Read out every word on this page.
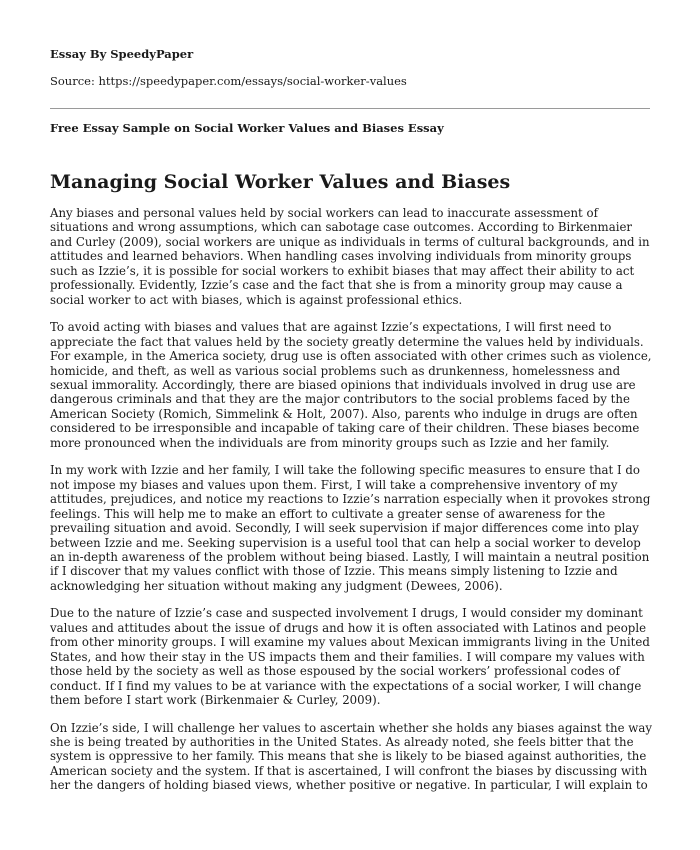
Essay By SpeedyPaper

Source: https://speedypaper.com/essays/social-worker-values

Free Essay Sample on Social Worker Values and Biases Essay

Managing Social Worker Values and Biases

Any biases and personal values held by social workers can lead to inaccurate assessment of situations and wrong assumptions, which can sabotage case outcomes. According to Birkenmaier and Curley (2009), social workers are unique as individuals in terms of cultural backgrounds, and in attitudes and learned behaviors. When handling cases involving individuals from minority groups such as Izzie’s, it is possible for social workers to exhibit biases that may affect their ability to act professionally. Evidently, Izzie’s case and the fact that she is from a minority group may cause a social worker to act with biases, which is against professional ethics.

To avoid acting with biases and values that are against Izzie’s expectations, I will first need to appreciate the fact that values held by the society greatly determine the values held by individuals. For example, in the America society, drug use is often associated with other crimes such as violence, homicide, and theft, as well as various social problems such as drunkenness, homelessness and sexual immorality. Accordingly, there are biased opinions that individuals involved in drug use are dangerous criminals and that they are the major contributors to the social problems faced by the American Society (Romich, Simmelink & Holt, 2007). Also, parents who indulge in drugs are often considered to be irresponsible and incapable of taking care of their children. These biases become more pronounced when the individuals are from minority groups such as Izzie and her family.

In my work with Izzie and her family, I will take the following specific measures to ensure that I do not impose my biases and values upon them. First, I will take a comprehensive inventory of my attitudes, prejudices, and notice my reactions to Izzie’s narration especially when it provokes strong feelings. This will help me to make an effort to cultivate a greater sense of awareness for the prevailing situation and avoid. Secondly, I will seek supervision if major differences come into play between Izzie and me. Seeking supervision is a useful tool that can help a social worker to develop an in-depth awareness of the problem without being biased. Lastly, I will maintain a neutral position if I discover that my values conflict with those of Izzie. This means simply listening to Izzie and acknowledging her situation without making any judgment (Dewees, 2006).

Due to the nature of Izzie’s case and suspected involvement I drugs, I would consider my dominant values and attitudes about the issue of drugs and how it is often associated with Latinos and people from other minority groups. I will examine my values about Mexican immigrants living in the United States, and how their stay in the US impacts them and their families. I will compare my values with those held by the society as well as those espoused by the social workers’ professional codes of conduct. If I find my values to be at variance with the expectations of a social worker, I will change them before I start work (Birkenmaier & Curley, 2009).

On Izzie’s side, I will challenge her values to ascertain whether she holds any biases against the way she is being treated by authorities in the United States. As already noted, she feels bitter that the system is oppressive to her family. This means that she is likely to be biased against authorities, the American society and the system. If that is ascertained, I will confront the biases by discussing with her the dangers of holding biased views, whether positive or negative. In particular, I will explain to
